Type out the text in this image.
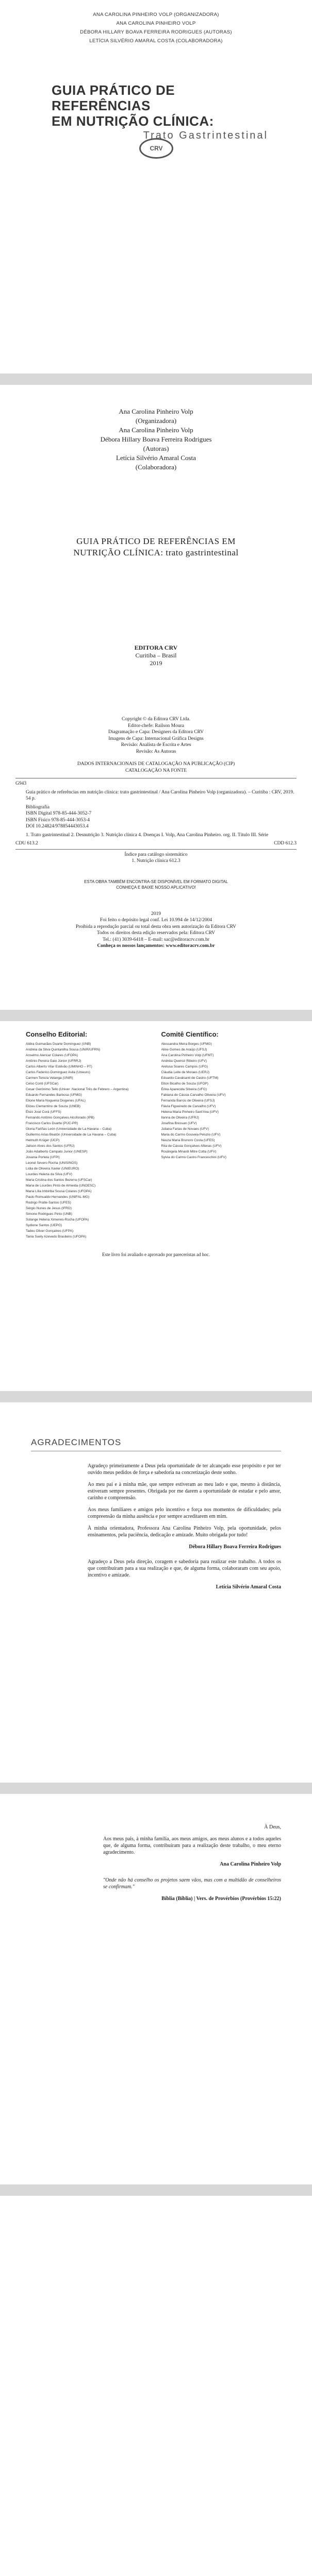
ANA CAROLINA PINHEIRO VOLP (ORGANIZADORA)
ANA CAROLINA PINHEIRO VOLP
DÉBORA HILLARY BOAVA FERREIRA RODRIGUES (AUTORAS)
LETÍCIA SILVÉRIO AMARAL COSTA (COLABORADORA)
GUIA PRÁTICO DE REFERÊNCIAS
EM NUTRIÇÃO CLÍNICA:
Trato Gastrintestinal
CRV
Ana Carolina Pinheiro Volp
(Organizadora)
Ana Carolina Pinheiro Volp
Débora Hillary Boava Ferreira Rodrigues
(Autoras)
Letícia Silvério Amaral Costa
(Colaboradora)
GUIA PRÁTICO DE REFERÊNCIAS EM
NUTRIÇÃO CLÍNICA: trato gastrintestinal
EDITORA CRV
Curitiba – Brasil
2019
Copyright © da Editora CRV Ltda.
Editor-chefe: Railson Moura
Diagramação e Capa: Designers da Editora CRV
Imagens de Capa: Internacional Gráfica Designs
Revisão: Analista de Escrita e Artes
Revisão: As Autoras
DADOS INTERNACIONAIS DE CATALOGAÇÃO NA PUBLICAÇÃO (CIP)
CATALOGAÇÃO NA FONTE
G943
Guia prático de referências em nutrição clínica: trato gastrintestinal / Ana Carolina Pinheiro Volp (organizadora). – Curitiba : CRV, 2019.
54 p.
Bibliografia
ISBN Digital 978-85-444-3052-7
ISBN Físico 978-85-444-3053-4
DOI 10.24824/978854443053.4
1. Trato gastrintestinal 2. Desnutrição 3. Nutrição clínica 4. Doenças I. Volp, Ana Carolina Pinheiro. org. II. Título III. Série
CDU 613.2	CDD 612.3
Índice para catálogo sistemático
1. Nutrição clínica 612.3
ESTA OBRA TAMBÉM ENCONTRA-SE DISPONÍVEL EM FORMATO DIGITAL
CONHEÇA E BAIXE NOSSO APLICATIVO!
2019
Foi feito o depósito legal conf. Lei 10.994 de 14/12/2004
Proibida a reprodução parcial ou total desta obra sem autorização da Editora CRV
Todos os direitos desta edição reservados pela: Editora CRV
Tel.: (41) 3039-6418 – E-mail: sac@editoracrv.com.br
Conheça os nossos lançamentos: www.editoracrv.com.br
Conselho Editorial:
Aldira Guimarães Duarte Domínguez (UNB)
Andréia da Silva Quintanilha Sousa (UNIR/UFRN)
Anselmo Alencar Colares (UFOPA)
Antônio Pereira Gaio Júnior (UFRRJ)
Carlos Alberto Vilar Estêvão (UMINHO – PT)
Carlos Federico Dominguez Avila (Unieuro)
Carmen Tereza Velanga (UNIR)
Celso Conti (UFSCar)
Cesar Gerónimo Tello (Univer .Nacional Três de Febrero – Argentina)
Eduardo Fernandes Barbosa (UFMG)
Elione Maria Nogueira Diogenes (UFAL)
Elizeu Clementino de Souza (UNEB)
Élsio José Corá (UFFS)
Fernando Antônio Gonçalves Alcoforado (IPB)
Francisco Carlos Duarte (PUC-PR)
Gloria Fariñas León (Universidade de La Havana – Cuba)
Guillermo Arias Beatón (Universidade de La Havana – Cuba)
Helmuth Krüger (UCP)
Jailson Alves dos Santos (UFRJ)
João Adalberto Campato Junior (UNESP)
Josania Portela (UFPI)
Leonel Severo Rocha (UNISINOS)
Lídia de Oliveira Xavier (UNIEURO)
Lourdes Helena da Silva (UFV)
Maria Cristina dos Santos Bezerra (UFSCar)
Maria de Lourdes Pinto de Almeida (UNOESC)
Maria Lília Imbiriba Sousa Colares (UFOPA)
Paulo Romualdo Hernandes (UNIFAL-MG)
Rodrigo Pratte-Santos (UFES)
Sérgio Nunes de Jesus (IFRO)
Simone Rodrigues Pinto (UNB)
Solange Helena Ximenes-Rocha (UFOPA)
Sydione Santos (UEPG)
Tadeu Oliver Gonçalves (UFPA)
Tania Suely Azevedo Brasileiro (UFOPA)
Comitê Científico:
Alessandra Meira Borges (UFMG)
Aline Gomes de Araújo (UFSJ)
Ana Carolina Pinheiro Volp (UFMT)
Andréia Queiroz Ribeiro (UFV)
Aretusa Soares Campos (UFG)
Cláudia Leite de Moraes (UERJ)
Eduardo Cavalcanti de Castro (UFTM)
Elton Bicalho de Souza (UFOP)
Érika Aparecida Silveira (UFG)
Fabiana de Cássia Carvalho Oliveira (UFV)
Fernanda Barros de Oliveira (UFSJ)
Flávia Figueiredo de Carvalho (UFV)
Helena Maria Pinheiro Sant'Ana (UFV)
Ilanna de Oliveira (UFRJ)
Josefina Bressan (UFV)
Juliana Farias de Novaes (UFV)
Maria do Carmo Gouveia Peluzio (UFV)
Neuza Maria Brunoro Costa (UFES)
Rita de Cássia Gonçalves Alfenas (UFV)
Rosângela Minardi Mitre Cotta (UFV)
Sylvia do Carmo Castro Franceschini (UFV)
Este livro foi avaliado e aprovado por pareceristas ad hoc.
AGRADECIMENTOS

Agradeço primeiramente a Deus pela oportunidade de ter alcançado esse propósito e por ter ouvido meus pedidos de força e sabedoria na concretização deste sonho.

Ao meu pai e à minha mãe, que sempre estiveram ao meu lado e que, mesmo à distância, estiveram sempre presentes. Obrigada por me darem a oportunidade de estudar e pelo amor, carinho e compreensão.

Aos meus familiares e amigos pelo incentivo e força nos momentos de dificuldades; pela compreensão da minha ausência e por sempre acreditarem em mim.

À minha orientadora, Professora Ana Carolina Pinheiro Volp, pela oportunidade, pelos ensinamentos, pela paciência, dedicação e amizade. Muito obrigada por tudo!

Débora Hillary Boava Ferreira Rodrigues

Agradeço a Deus pela direção, coragem e sabedoria para realizar este trabalho. A todos os que contribuíram para a sua realização e que, de alguma forma, colaboraram com seu apoio, incentivo e amizade.

Letícia Silvério Amaral Costa
À Deus,

Aos meus pais, à minha família, aos meus amigos, aos meus alunos e a todos aqueles que, de alguma forma, contribuíram para a realização deste trabalho, o meu eterno agradecimento.

Ana Carolina Pinheiro Volp

"Onde não há conselho os projetos saem vãos, mas com a multidão de conselheiros se confirmam."

Bíblia (Bíblia) | Vers. de Provérbios (Provérbios 15:22)
